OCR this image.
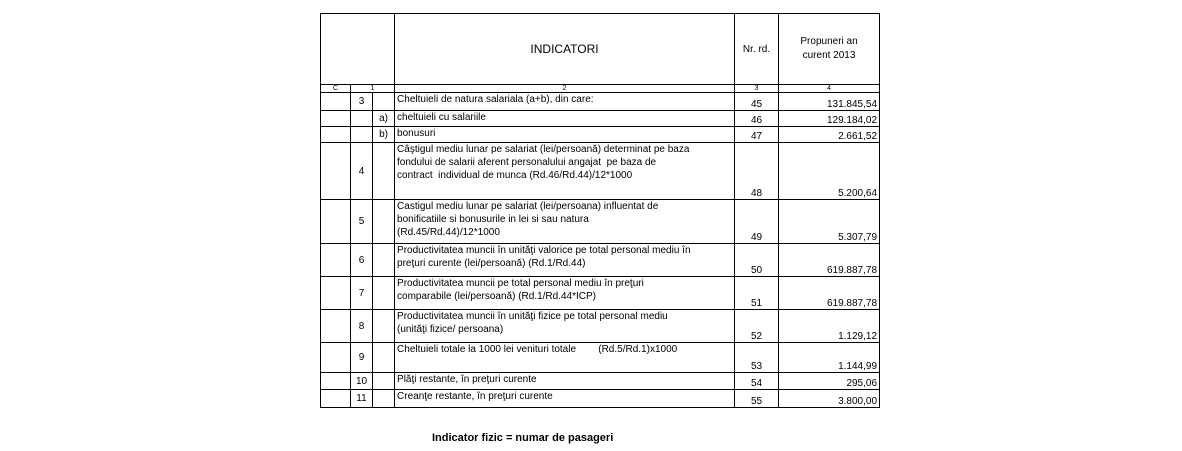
			INDICATORI	Nr. rd.	Propuneri an
curent 2013

C	1		2	3	4
	3		Cheltuieli de natura salariala (a+b), din care:	45	131.845,54
		a)	cheltuieli cu salariile	46	129.184,02
		b)	bonusuri	47	2.661,52
	4		Câştigul mediu lunar pe salariat (lei/persoană) determinat pe baza
fondului de salarii aferent personalului angajat  pe baza de
contract  individual de munca (Rd.46/Rd.44)/12*1000	48	5.200,64
	5		Castigul mediu lunar pe salariat (lei/persoana) influentat de
bonificatiile si bonusurile in lei si sau natura
(Rd.45/Rd.44)/12*1000	49	5.307,79
	6		Productivitatea muncii în unităţi valorice pe total personal mediu în
preţuri curente (lei/persoană) (Rd.1/Rd.44)	50	619.887,78
	7		Productivitatea muncii pe total personal mediu în preţuri
comparabile (lei/persoană) (Rd.1/Rd.44*ICP)	51	619.887,78
	8		Productivitatea muncii în unităţi fizice pe total personal mediu
(unităţi fizice/ persoana)	52	1.129,12
	9		Cheltuieli totale la 1000 lei venituri totale        (Rd.5/Rd.1)x1000	53	1.144,99
	10		Plăţi restante, în preţuri curente	54	295,06
	11		Creanţe restante, în preţuri curente	55	3.800,00
Indicator fizic = numar de pasageri
